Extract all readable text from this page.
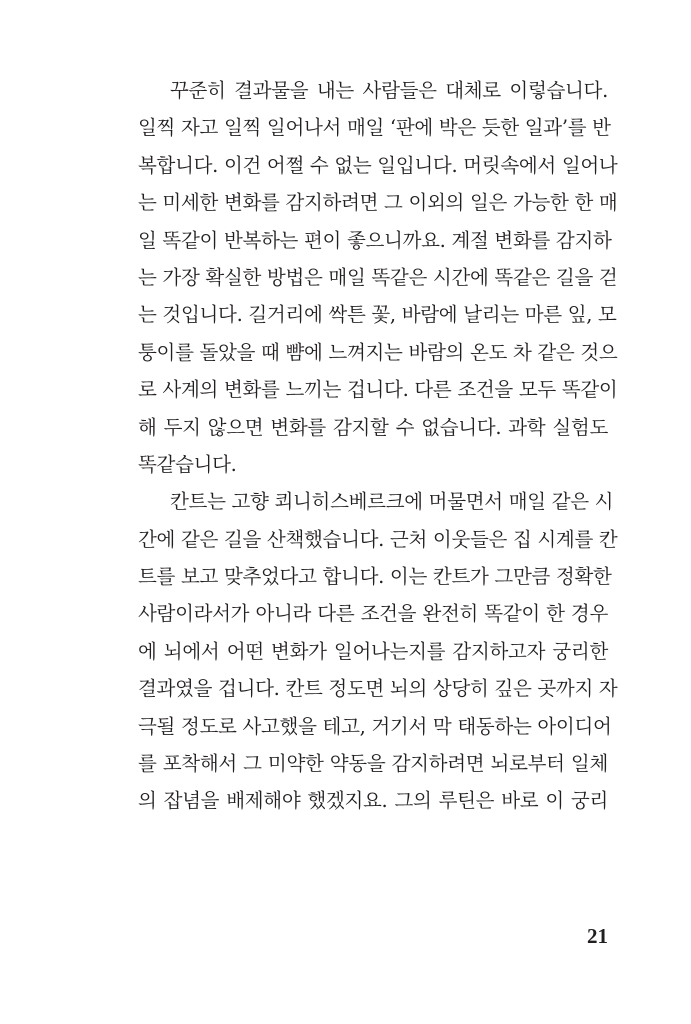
꾸준히 결과물을 내는 사람들은 대체로 이렇습니다.
일찍 자고 일찍 일어나서 매일 ‘판에 박은 듯한 일과’를 반
복합니다. 이건 어쩔 수 없는 일입니다. 머릿속에서 일어나
는 미세한 변화를 감지하려면 그 이외의 일은 가능한 한 매
일 똑같이 반복하는 편이 좋으니까요. 계절 변화를 감지하
는 가장 확실한 방법은 매일 똑같은 시간에 똑같은 길을 걷
는 것입니다. 길거리에 싹튼 꽃, 바람에 날리는 마른 잎, 모
퉁이를 돌았을 때 뺨에 느껴지는 바람의 온도 차 같은 것으
로 사계의 변화를 느끼는 겁니다. 다른 조건을 모두 똑같이
해 두지 않으면 변화를 감지할 수 없습니다. 과학 실험도
똑같습니다.
칸트는 고향 쾨니히스베르크에 머물면서 매일 같은 시
간에 같은 길을 산책했습니다. 근처 이웃들은 집 시계를 칸
트를 보고 맞추었다고 합니다. 이는 칸트가 그만큼 정확한
사람이라서가 아니라 다른 조건을 완전히 똑같이 한 경우
에 뇌에서 어떤 변화가 일어나는지를 감지하고자 궁리한
결과였을 겁니다. 칸트 정도면 뇌의 상당히 깊은 곳까지 자
극될 정도로 사고했을 테고, 거기서 막 태동하는 아이디어
를 포착해서 그 미약한 약동을 감지하려면 뇌로부터 일체
의 잡념을 배제해야 했겠지요. 그의 루틴은 바로 이 궁리
21
